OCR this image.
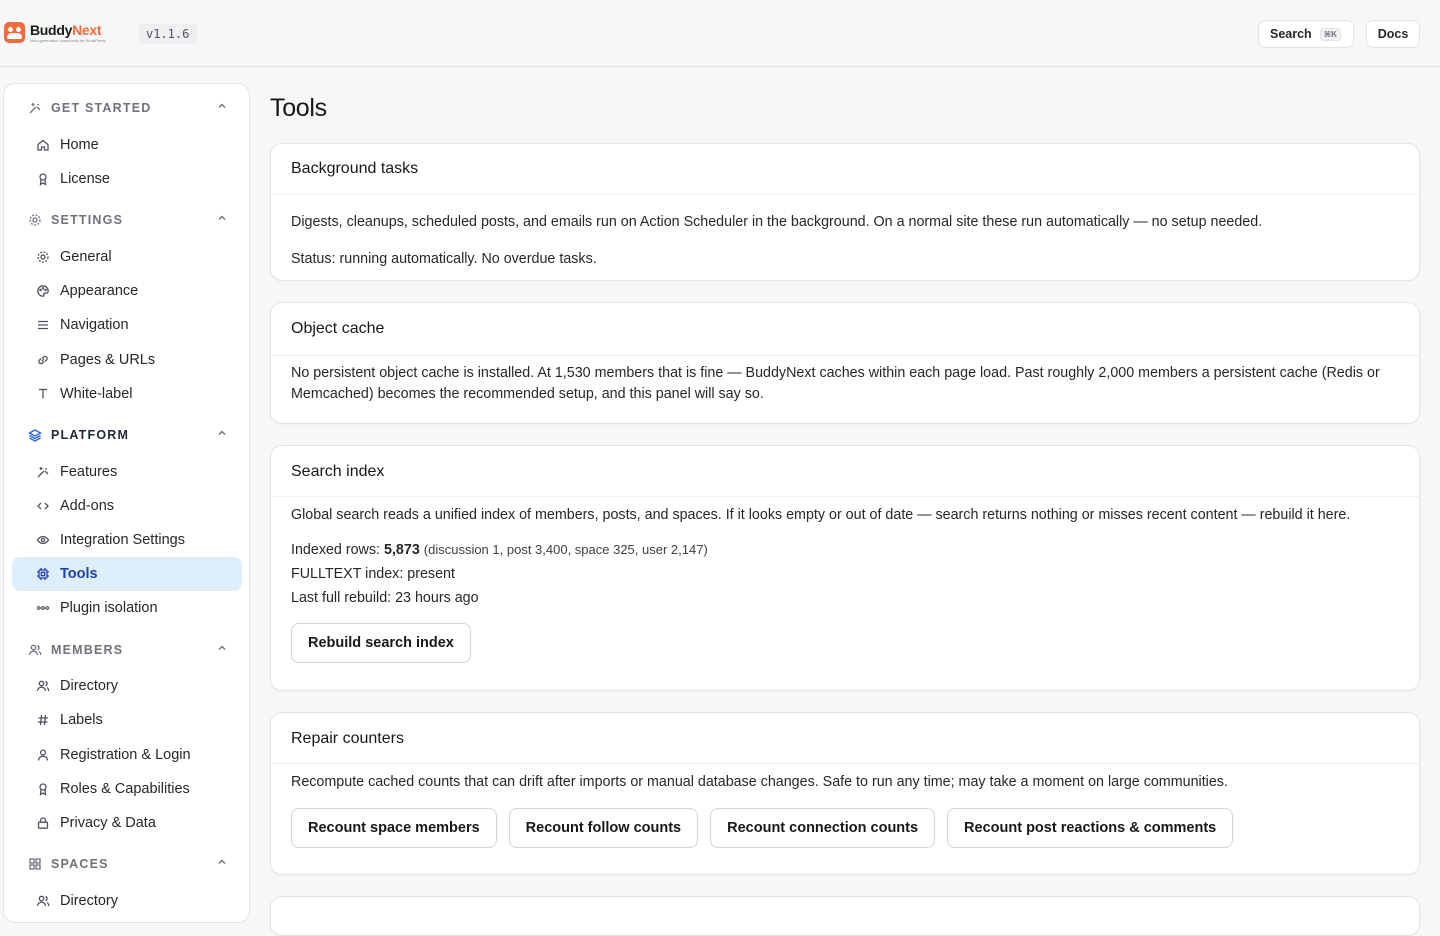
BuddyNext
Next-generation community for WordPress	v1.1.6	Search	⌘K	Docs
GET STARTED
Home
License
SETTINGS
General
Appearance
Navigation
Pages & URLs
White-label
PLATFORM
Features
Add-ons
Integration Settings
Tools
Plugin isolation
MEMBERS
Directory
Labels
Registration & Login
Roles & Capabilities
Privacy & Data
SPACES
Directory
Tools
Background tasks

Digests, cleanups, scheduled posts, and emails run on Action Scheduler in the background. On a normal site these run automatically — no setup needed.

Status: running automatically. No overdue tasks.

Object cache

No persistent object cache is installed. At 1,530 members that is fine — BuddyNext caches within each page load. Past roughly 2,000 members a persistent cache (Redis or Memcached) becomes the recommended setup, and this panel will say so.

Search index

Global search reads a unified index of members, posts, and spaces. If it looks empty or out of date — search returns nothing or misses recent content — rebuild it here.

Indexed rows: 5,873 (discussion 1, post 3,400, space 325, user 2,147)
FULLTEXT index: present
Last full rebuild: 23 hours ago
Rebuild search index
Repair counters

Recompute cached counts that can drift after imports or manual database changes. Safe to run any time; may take a moment on large communities.

Recount space members	Recount follow counts	Recount connection counts	Recount post reactions & comments
